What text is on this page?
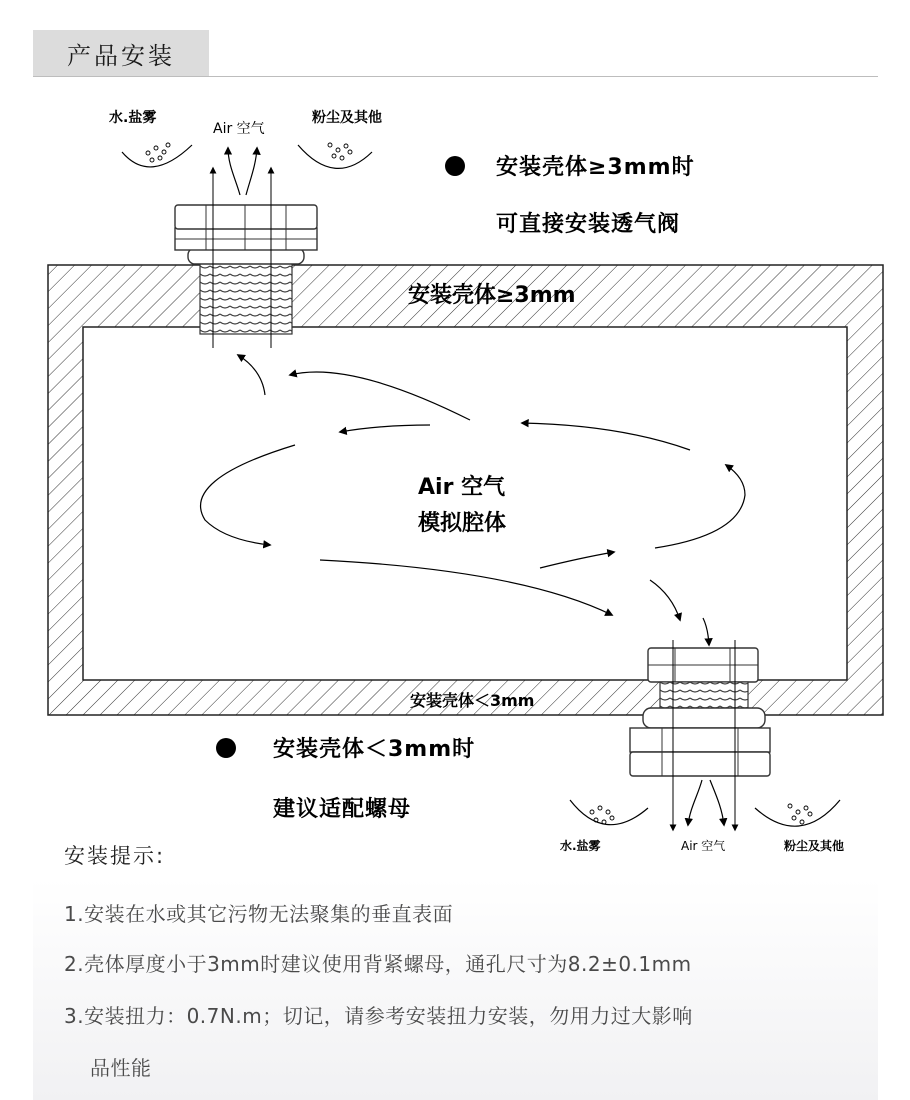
产品安装
水.盐雾
Air 空气
粉尘及其他
安装壳体≥3mm
安装壳体＜3mm
Air 空气
模拟腔体
水.盐雾	Air 空气	粉尘及其他
安装壳体≥3mm时
可直接安装透气阀
安装壳体＜3mm时
建议适配螺母
安装提示:
1.安装在水或其它污物无法聚集的垂直表面
2.壳体厚度小于3mm时建议使用背紧螺母，通孔尺寸为8.2±0.1mm
3.安装扭力：0.7N.m；切记，请参考安装扭力安装，勿用力过大影响
品性能
